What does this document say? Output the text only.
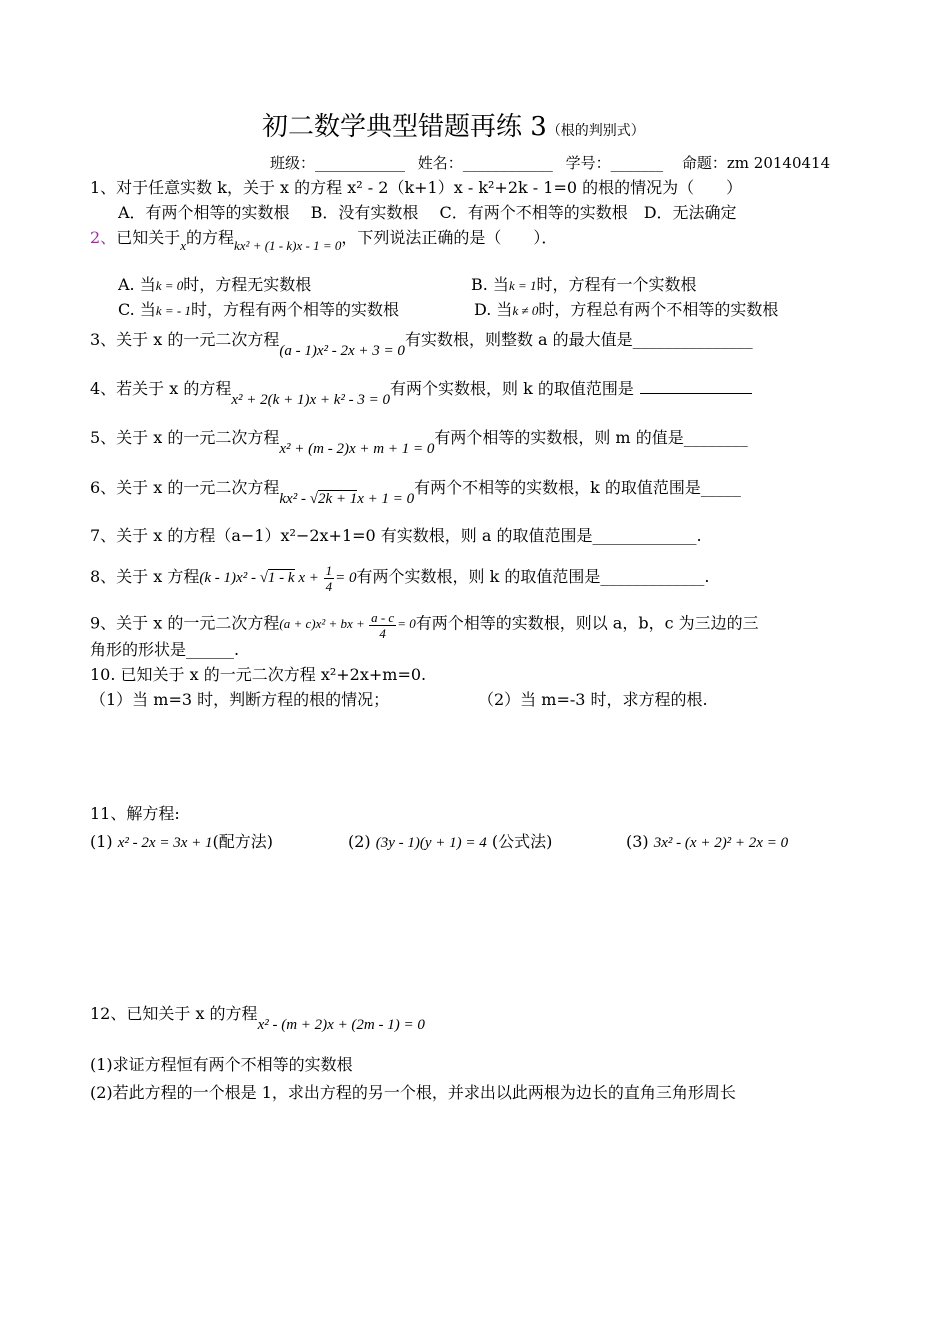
初二数学典型错题再练 3（根的判别式）
班级：____________ 姓名：____________ 学号：_______ 命题：zm 20140414
1、对于任意实数 k，关于 x 的方程 x² - 2（k+1）x - k²+2k - 1=0 的根的情况为（　　）
A．有两个相等的实数根　 B．没有实数根　 C．有两个不相等的实数根　D．无法确定
2、已知关于$_x$的方程$_{kx^2 + (1 - k)x - 1 = 0}$，下列说法正确的是（　　）．
A. 当k = 0时，方程无实数根	B. 当k = 1时，方程有一个实数根
C. 当k = - 1时，方程有两个相等的实数根	D. 当k ≠ 0时，方程总有两个不相等的实数根
3、关于 x 的一元二次方程(a - 1)x² - 2x + 3 = 0有实数根，则整数 a 的最大值是_______________
4、若关于 x 的方程x² + 2(k + 1)x + k² - 3 = 0有两个实数根，则 k 的取值范围是
5、关于 x 的一元二次方程x² + (m - 2)x + m + 1 = 0有两个相等的实数根，则 m 的值是________
6、关于 x 的一元二次方程kx² - √2k + 1x + 1 = 0有两个不相等的实数根，k 的取值范围是_____
7、关于 x 的方程（a−1）x²−2x+1=0 有实数根，则 a 的取值范围是_____________.
8、关于 x 方程(k - 1)x² - √1 - k $x + \frac{1}{4} = 0$有两个实数根，则 k 的取值范围是_____________.
9、关于 x 的一元二次方程(a + c)x² + bx + $\frac{a - c}{4} = 0$有两个相等的实数根，则以 a，b，c 为三边的三
角形的形状是______.
10. 已知关于 x 的一元二次方程 x²+2x+m=0.
（1）当 m=3 时，判断方程的根的情况；	（2）当 m=-3 时，求方程的根.
11、解方程:
(1) x² - 2x = 3x + 1(配方法)	(2) (3y - 1)(y + 1) = 4 (公式法)	(3) 3x² - (x + 2)² + 2x = 0
12、已知关于 x 的方程x² - (m + 2)x + (2m - 1) = 0
(1)求证方程恒有两个不相等的实数根
(2)若此方程的一个根是 1，求出方程的另一个根，并求出以此两根为边长的直角三角形周长
